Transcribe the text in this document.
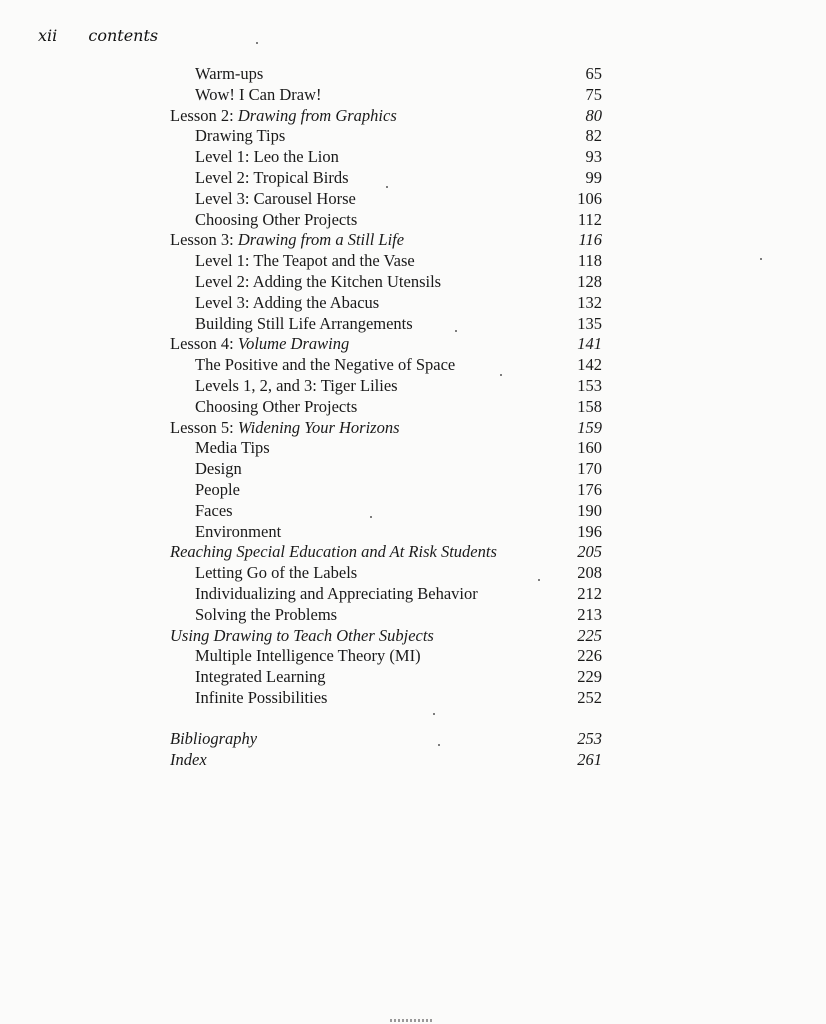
xii contents
Warm-ups	65
Wow! I Can Draw!	75
Lesson 2: Drawing from Graphics	80
Drawing Tips	82
Level 1: Leo the Lion	93
Level 2: Tropical Birds	99
Level 3: Carousel Horse	106
Choosing Other Projects	112
Lesson 3: Drawing from a Still Life	116
Level 1: The Teapot and the Vase	118
Level 2: Adding the Kitchen Utensils	128
Level 3: Adding the Abacus	132
Building Still Life Arrangements	135
Lesson 4: Volume Drawing	141
The Positive and the Negative of Space	142
Levels 1, 2, and 3: Tiger Lilies	153
Choosing Other Projects	158
Lesson 5: Widening Your Horizons	159
Media Tips	160
Design	170
People	176
Faces	190
Environment	196
Reaching Special Education and At Risk Students	205
Letting Go of the Labels	208
Individualizing and Appreciating Behavior	212
Solving the Problems	213
Using Drawing to Teach Other Subjects	225
Multiple Intelligence Theory (MI)	226
Integrated Learning	229
Infinite Possibilities	252
Bibliography	253
Index	261
